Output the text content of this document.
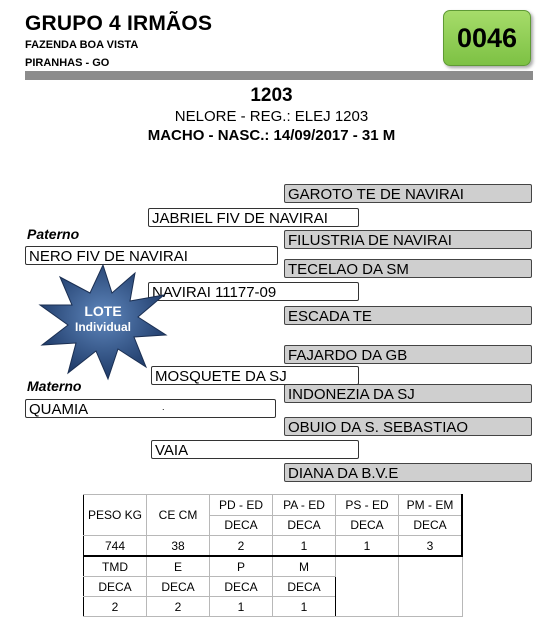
GRUPO 4 IRMÃOS
FAZENDA BOA VISTA
PIRANHAS - GO
0046
1203
NELORE - REG.: ELEJ 1203
MACHO - NASC.: 14/09/2017 - 31 M
GAROTO TE DE NAVIRAI
FILUSTRIA DE NAVIRAI
TECELAO DA SM
ESCADA TE
FAJARDO DA GB
INDONEZIA DA SJ
OBUIO DA S. SEBASTIAO
DIANA DA B.V.E
JABRIEL FIV DE NAVIRAI
NAVIRAI 11177-09
MOSQUETE DA SJ
VAIA
Paterno
NERO FIV DE NAVIRAI
Materno
QUAMIA	.
LOTE
Individual
PESO KG	CE CM	PD - ED	PA - ED	PS - ED	PM - EM
		DECA	DECA	DECA	DECA
744	38	2	1	1	3
TMD	E	P	M		
DECA	DECA	DECA	DECA		
2	2	1	1		
